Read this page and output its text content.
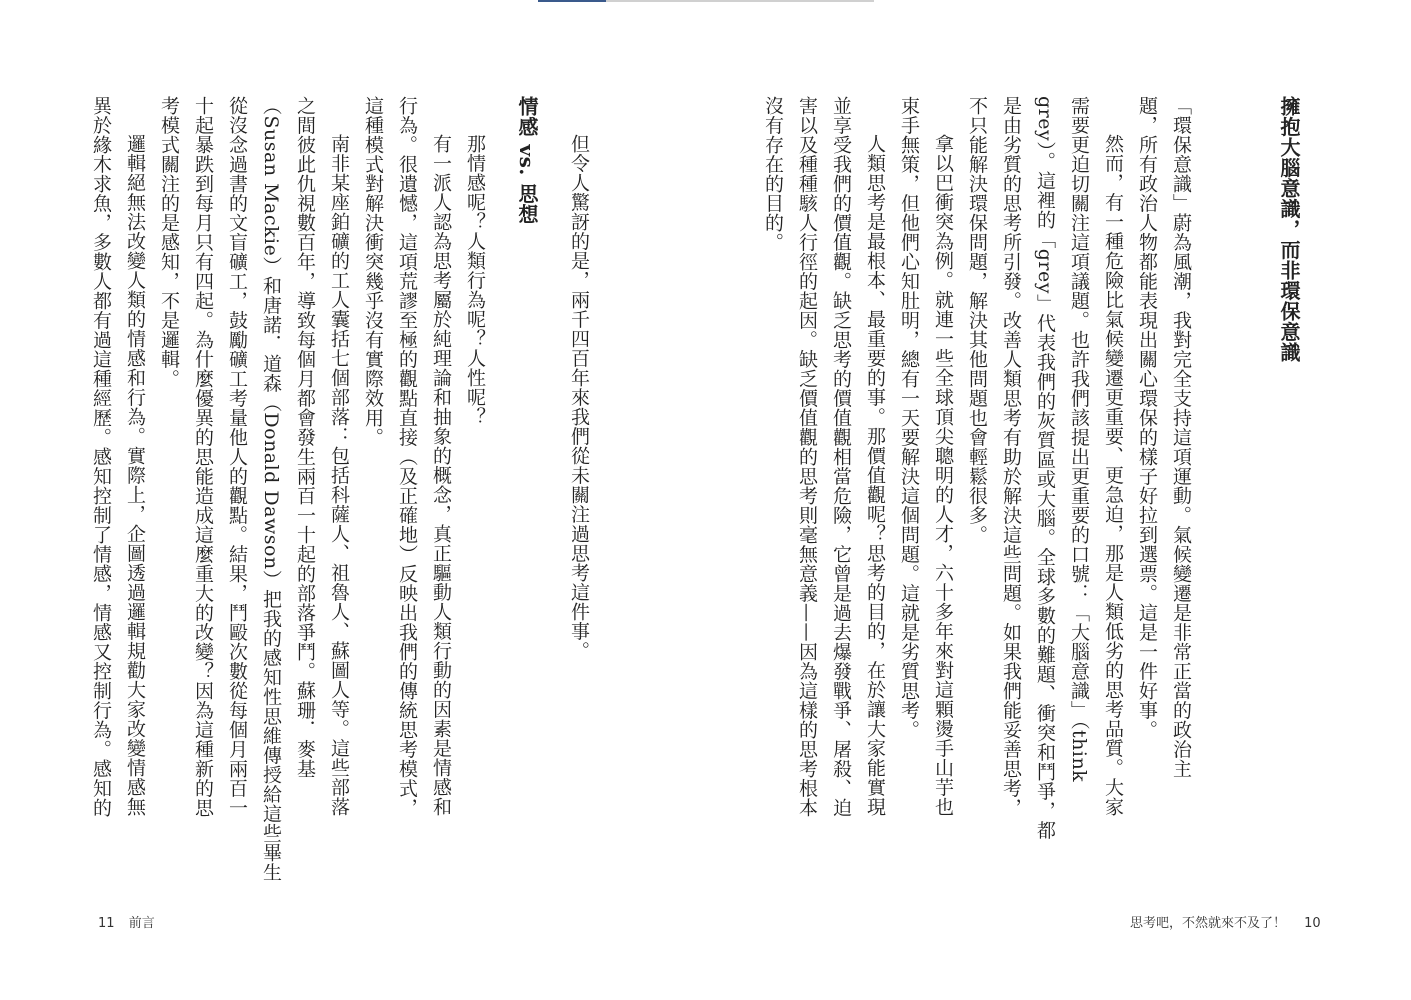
擁抱大腦意識，而非環保意識
「環保意識」蔚為風潮，我對完全支持這項運動。氣候變遷是非常正當的政治主
題，所有政治人物都能表現出關心環保的樣子好拉到選票。這是一件好事。
然而，有一種危險比氣候變遷更重要、更急迫，那是人類低劣的思考品質。大家
需要更迫切關注這項議題。也許我們該提出更重要的口號：「大腦意識」（think
grey）。這裡的「grey」代表我們的灰質區或大腦。全球多數的難題、衝突和鬥爭，都
是由劣質的思考所引發。改善人類思考有助於解決這些問題。如果我們能妥善思考，
不只能解決環保問題，解決其他問題也會輕鬆很多。
拿以巴衝突為例。就連一些全球頂尖聰明的人才，六十多年來對這顆燙手山芋也
束手無策，但他們心知肚明，總有一天要解決這個問題。這就是劣質思考。
人類思考是最根本、最重要的事。那價值觀呢？思考的目的，在於讓大家能實現
並享受我們的價值觀。缺乏思考的價值觀相當危險，它曾是過去爆發戰爭、屠殺、迫
害以及種種駭人行徑的起因。缺乏價值觀的思考則毫無意義——因為這樣的思考根本
沒有存在的目的。
但令人驚訝的是，兩千四百年來我們從未關注過思考這件事。
情感 vs. 思想
那情感呢？人類行為呢？人性呢？
有一派人認為思考屬於純理論和抽象的概念，真正驅動人類行動的因素是情感和
行為。很遺憾，這項荒謬至極的觀點直接（及正確地）反映出我們的傳統思考模式，
這種模式對解決衝突幾乎沒有實際效用。
南非某座鉑礦的工人囊括七個部落：包括科薩人、祖魯人、蘇圖人等。這些部落
之間彼此仇視數百年，導致每個月都會發生兩百一十起的部落爭鬥。蘇珊．麥基
（Susan Mackie）和唐諾．道森（Donald Dawson）把我的感知性思維傳授給這些畢生
從沒念過書的文盲礦工，鼓勵礦工考量他人的觀點。結果，鬥毆次數從每個月兩百一
十起暴跌到每月只有四起。為什麼優異的思能造成這麼重大的改變？因為這種新的思
考模式關注的是感知，不是邏輯。
邏輯絕無法改變人類的情感和行為。實際上，企圖透過邏輯規勸大家改變情感無
異於緣木求魚，多數人都有過這種經歷。感知控制了情感，情感又控制行為。感知的
11 前言	思考吧，不然就來不及了！ 10
